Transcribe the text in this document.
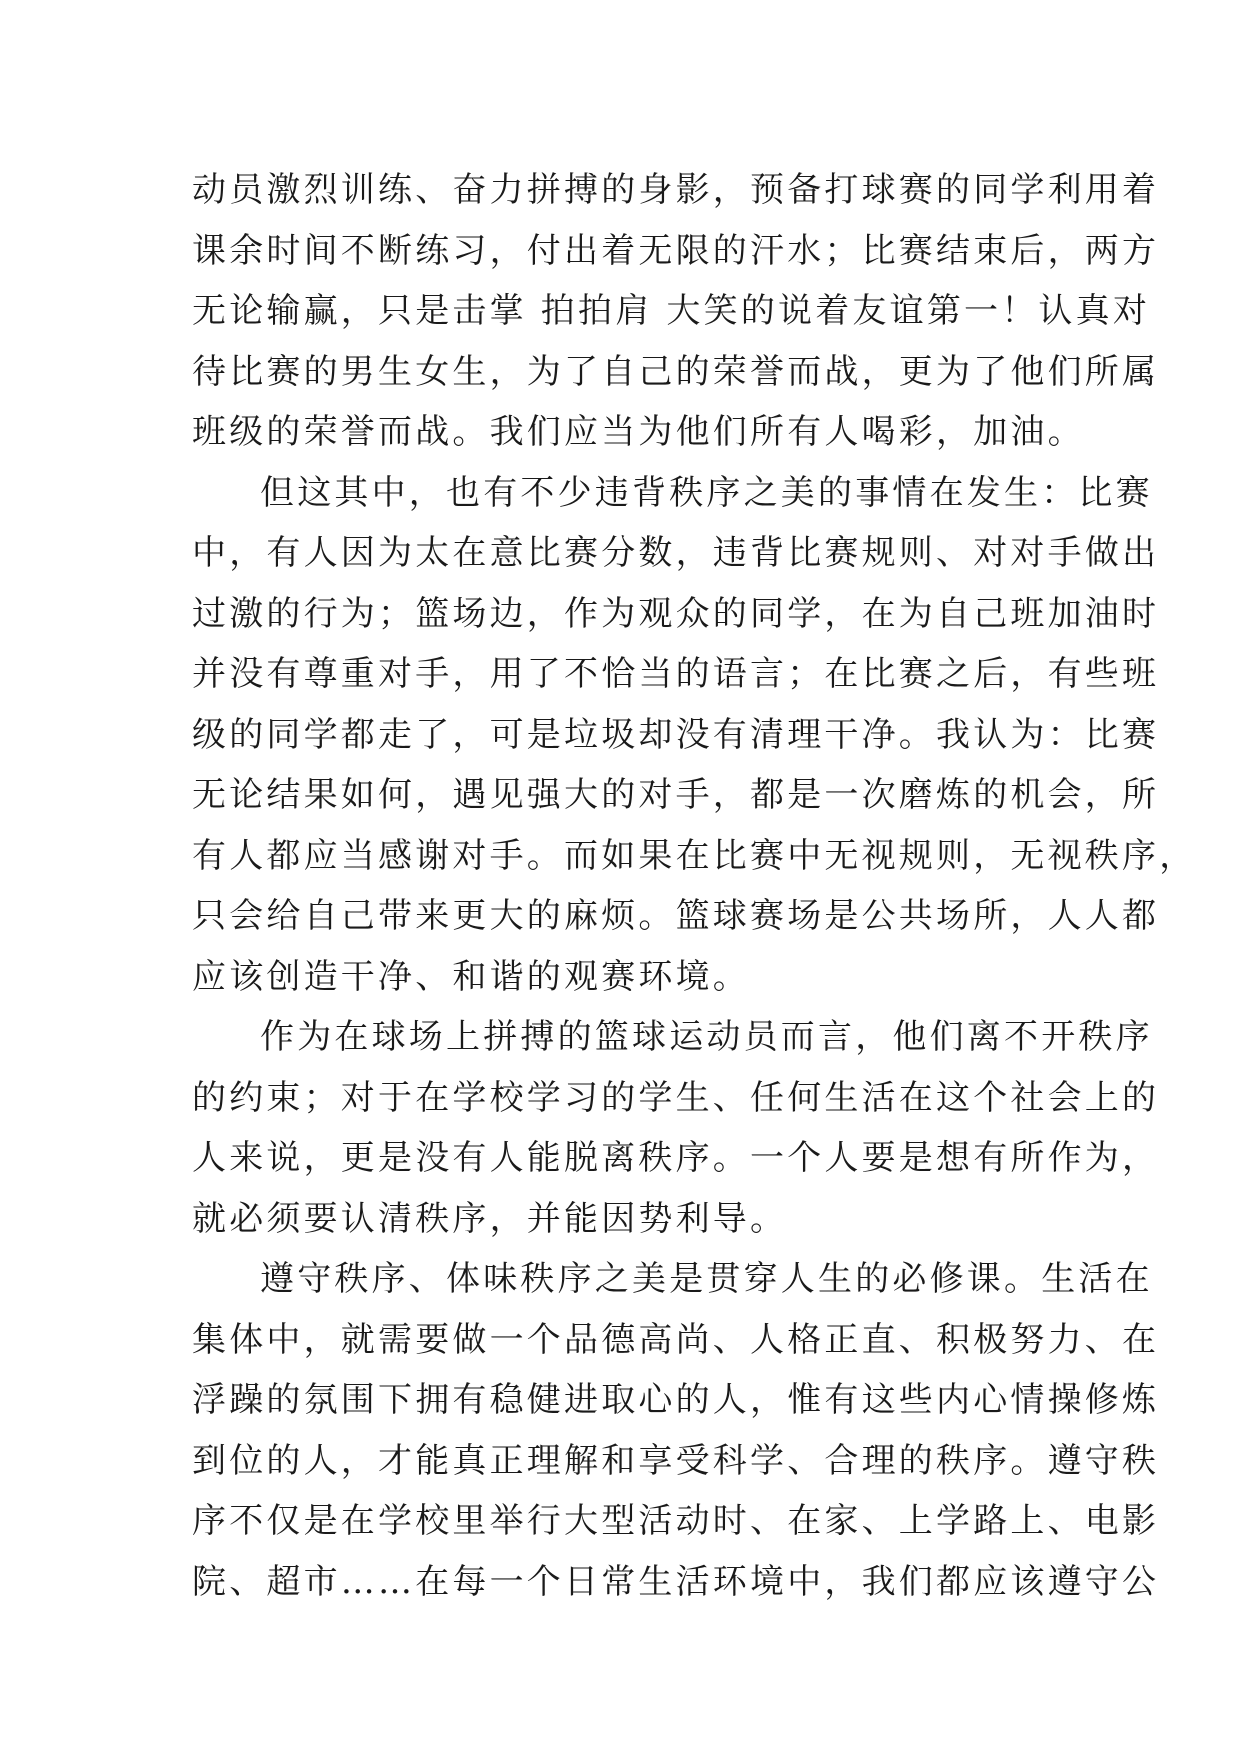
动员激烈训练、奋力拼搏的身影，预备打球赛的同学利用着
课余时间不断练习，付出着无限的汗水；比赛结束后，两方
无论输赢，只是击掌 拍拍肩 大笑的说着友谊第一！认真对
待比赛的男生女生，为了自己的荣誉而战，更为了他们所属
班级的荣誉而战。我们应当为他们所有人喝彩，加油。
但这其中，也有不少违背秩序之美的事情在发生：比赛
中，有人因为太在意比赛分数，违背比赛规则、对对手做出
过激的行为；篮场边，作为观众的同学，在为自己班加油时
并没有尊重对手，用了不恰当的语言；在比赛之后，有些班
级的同学都走了，可是垃圾却没有清理干净。我认为：比赛
无论结果如何，遇见强大的对手，都是一次磨炼的机会，所
有人都应当感谢对手。而如果在比赛中无视规则，无视秩序，
只会给自己带来更大的麻烦。篮球赛场是公共场所，人人都
应该创造干净、和谐的观赛环境。
作为在球场上拼搏的篮球运动员而言，他们离不开秩序
的约束；对于在学校学习的学生、任何生活在这个社会上的
人来说，更是没有人能脱离秩序。一个人要是想有所作为，
就必须要认清秩序，并能因势利导。
遵守秩序、体味秩序之美是贯穿人生的必修课。生活在
集体中，就需要做一个品德高尚、人格正直、积极努力、在
浮躁的氛围下拥有稳健进取心的人，惟有这些内心情操修炼
到位的人，才能真正理解和享受科学、合理的秩序。遵守秩
序不仅是在学校里举行大型活动时、在家、上学路上、电影
院、超市……在每一个日常生活环境中，我们都应该遵守公
